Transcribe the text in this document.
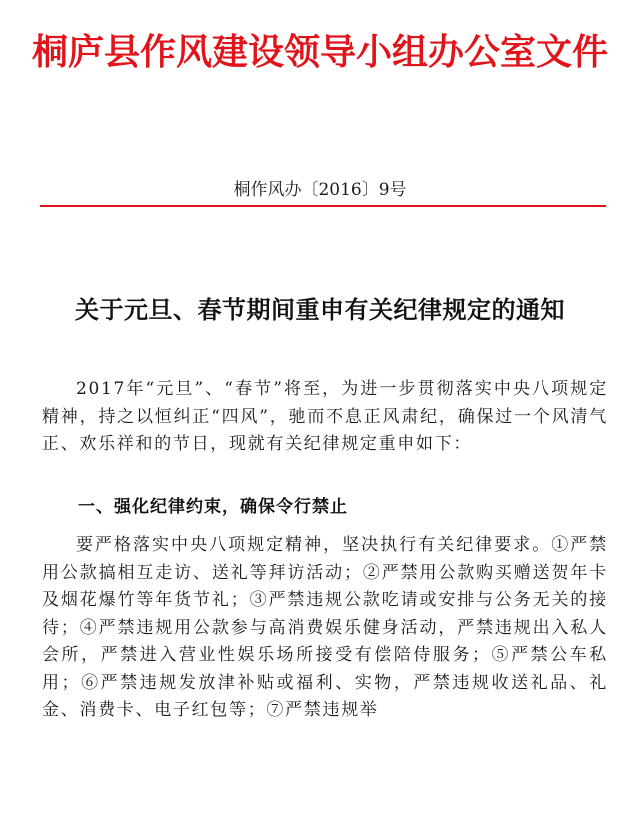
桐庐县作风建设领导小组办公室文件
桐作风办〔2016〕9号
关于元旦、春节期间重申有关纪律规定的通知

2017年“元旦”、“春节”将至，为进一步贯彻落实中央八项规定精神，持之以恒纠正“四风”，驰而不息正风肃纪，确保过一个风清气正、欢乐祥和的节日，现就有关纪律规定重申如下：

一、强化纪律约束，确保令行禁止

要严格落实中央八项规定精神，坚决执行有关纪律要求。①严禁用公款搞相互走访、送礼等拜访活动；②严禁用公款购买赠送贺年卡及烟花爆竹等年货节礼；③严禁违规公款吃请或安排与公务无关的接待；④严禁违规用公款参与高消费娱乐健身活动，严禁违规出入私人会所，严禁进入营业性娱乐场所接受有偿陪侍服务；⑤严禁公车私用；⑥严禁违规发放津补贴或福利、实物，严禁违规收送礼品、礼金、消费卡、电子红包等；⑦严禁违规举
